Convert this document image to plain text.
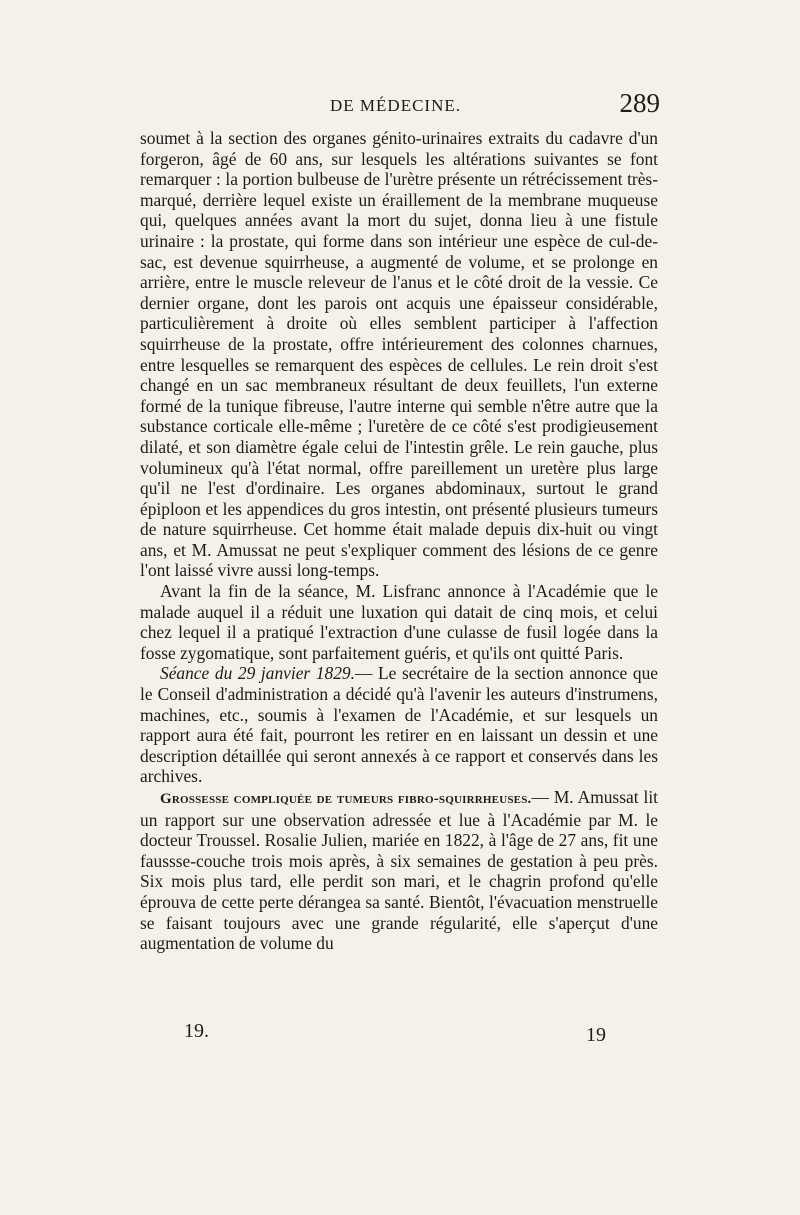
DE MÉDECINE.	289

soumet à la section des organes génito-urinaires extraits du cadavre d'un forgeron, âgé de 60 ans, sur lesquels les altérations suivantes se font remarquer : la portion bulbeuse de l'urètre présente un rétrécissement très-marqué, derrière lequel existe un éraillement de la membrane muqueuse qui, quelques années avant la mort du sujet, donna lieu à une fistule urinaire : la prostate, qui forme dans son intérieur une espèce de cul-de-sac, est devenue squirrheuse, a augmenté de volume, et se prolonge en arrière, entre le muscle releveur de l'anus et le côté droit de la vessie. Ce dernier organe, dont les parois ont acquis une épaisseur considérable, particulièrement à droite où elles semblent participer à l'affection squirrheuse de la prostate, offre intérieurement des colonnes charnues, entre lesquelles se remarquent des espèces de cellules. Le rein droit s'est changé en un sac membraneux résultant de deux feuillets, l'un externe formé de la tunique fibreuse, l'autre interne qui semble n'être autre que la substance corticale elle-même ; l'uretère de ce côté s'est prodigieusement dilaté, et son diamètre égale celui de l'intestin grêle. Le rein gauche, plus volumineux qu'à l'état normal, offre pareillement un uretère plus large qu'il ne l'est d'ordinaire. Les organes abdominaux, surtout le grand épiploon et les appendices du gros intestin, ont présenté plusieurs tumeurs de nature squirrheuse. Cet homme était malade depuis dix-huit ou vingt ans, et M. Amussat ne peut s'expliquer comment des lésions de ce genre l'ont laissé vivre aussi long-temps.

Avant la fin de la séance, M. Lisfranc annonce à l'Académie que le malade auquel il a réduit une luxation qui datait de cinq mois, et celui chez lequel il a pratiqué l'extraction d'une culasse de fusil logée dans la fosse zygomatique, sont parfaitement guéris, et qu'ils ont quitté Paris.

Séance du 29 janvier 1829.— Le secrétaire de la section annonce que le Conseil d'administration a décidé qu'à l'avenir les auteurs d'instrumens, machines, etc., soumis à l'examen de l'Académie, et sur lesquels un rapport aura été fait, pourront les retirer en en laissant un dessin et une description détaillée qui seront annexés à ce rapport et conservés dans les archives.

Grossesse compliquée de tumeurs fibro-squirrheuses.— M. Amussat lit un rapport sur une observation adressée et lue à l'Académie par M. le docteur Troussel. Rosalie Julien, mariée en 1822, à l'âge de 27 ans, fit une faussse-couche trois mois après, à six semaines de gestation à peu près. Six mois plus tard, elle perdit son mari, et le chagrin profond qu'elle éprouva de cette perte dérangea sa santé. Bientôt, l'évacuation menstruelle se faisant toujours avec une grande régularité, elle s'aperçut d'une augmentation de volume du

19.	19
